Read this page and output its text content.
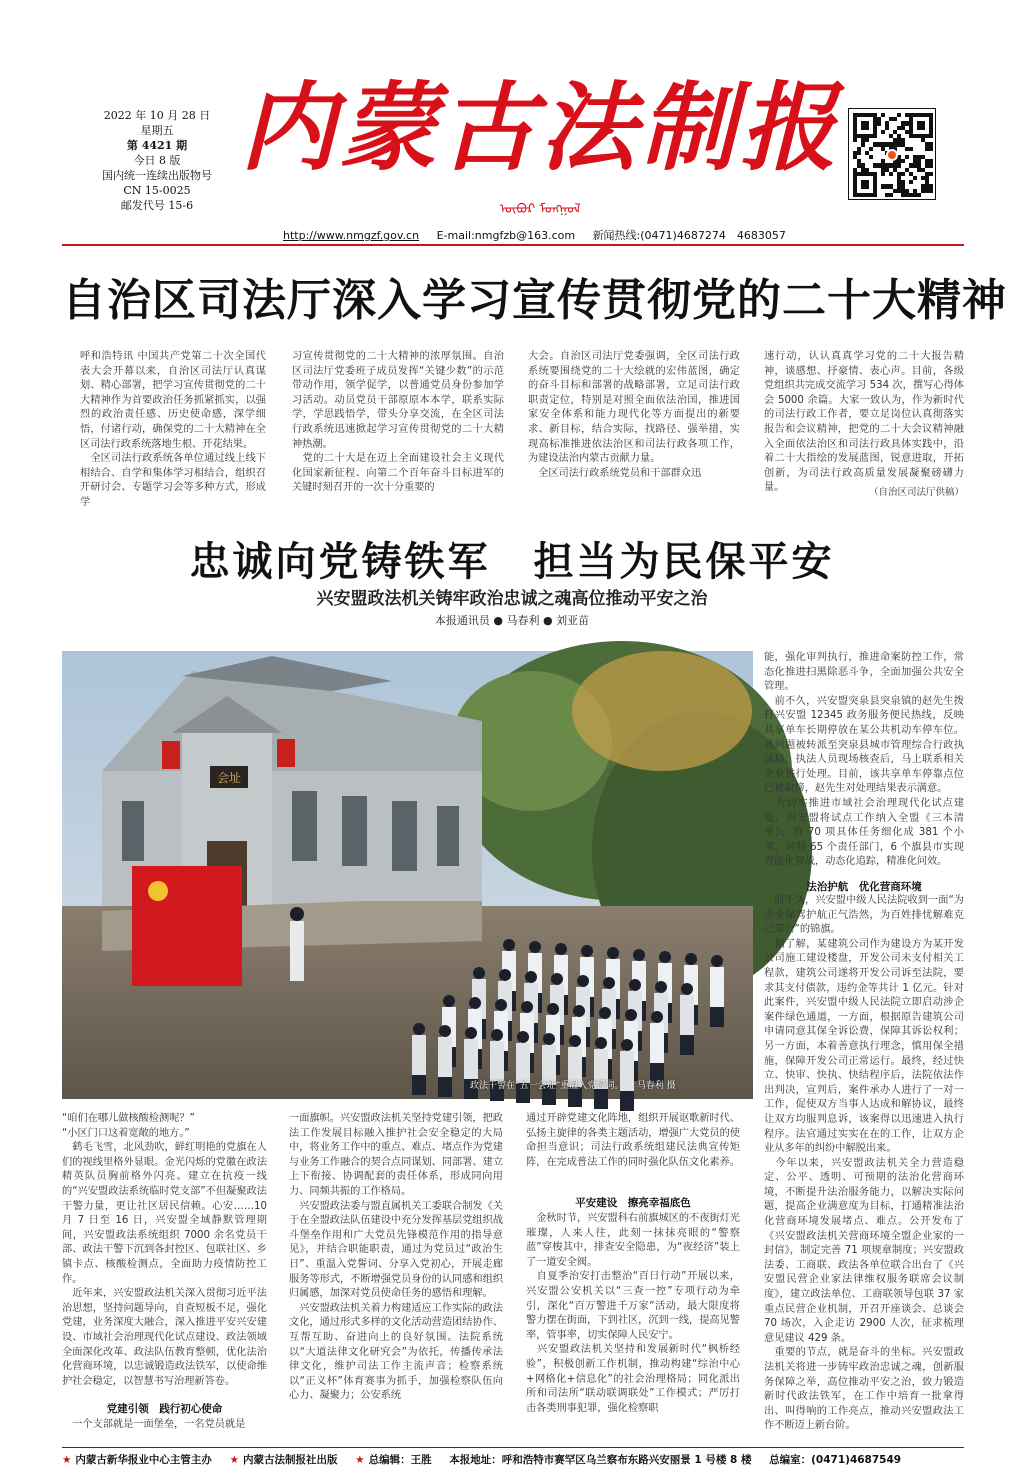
2022 年 10 月 28 日
星期五
第 4421 期
今日 8 版
国内统一连续出版物号
CN 15-0025
邮发代号 15-6
内蒙古法制报
ᠦᠪᠦᠷ ᠮᠣᠩᠭᠣᠯ
http://www.nmgzf.gov.cn E-mail:nmgfzb@163.com 新闻热线:(0471)4687274　4683057
自治区司法厅深入学习宣传贯彻党的二十大精神
呼和浩特讯 中国共产党第二十次全国代表大会开幕以来，自治区司法厅认真谋划、精心部署，把学习宣传贯彻党的二十大精神作为首要政治任务抓紧抓实，以强烈的政治责任感、历史使命感，深学细悟，付诸行动，确保党的二十大精神在全区司法行政系统落地生根、开花结果。
　全区司法行政系统各单位通过线上线下相结合、自学和集体学习相结合，组织召开研讨会、专题学习会等多种方式，形成学
习宣传贯彻党的二十大精神的浓厚氛围。自治区司法厅党委班子成员发挥“关键少数”的示范带动作用，领学促学，以普通党员身份参加学习活动。动员党员干部原原本本学，联系实际学，学思践悟学，带头分享交流，在全区司法行政系统迅速掀起学习宣传贯彻党的二十大精神热潮。
　党的二十大是在迈上全面建设社会主义现代化国家新征程、向第二个百年奋斗目标进军的关键时刻召开的一次十分重要的
大会。自治区司法厅党委强调，全区司法行政系统要围绕党的二十大绘就的宏伟蓝图，确定的奋斗目标和部署的战略部署，立足司法行政职责定位，特别是对照全面依法治国，推进国家安全体系和能力现代化等方面提出的新要求、新目标，结合实际，找路径、强举措，实现高标准推进依法治区和司法行政各项工作，为建设法治内蒙古贡献力量。
　全区司法行政系统党员和干部群众迅
速行动，认认真真学习党的二十大报告精神，谈感想、抒豪情、表心声。目前，各级党组织共完成交流学习 534 次，撰写心得体会 5000 余篇。大家一致认为，作为新时代的司法行政工作者，要立足岗位认真彻落实报告和会议精神，把党的二十大会议精神融入全面依法治区和司法行政具体实践中，沿着二十大指绘的发展蓝图，锐意进取，开拓创新，为司法行政高质量发展凝聚磅礴力量。	（自治区司法厅供稿）
忠诚向党铸铁军　担当为民保平安
兴安盟政法机关铸牢政治忠诚之魂高位推动平安之治
本报通讯员 ● 马春利 ● 刘亚苗
会址
政法干警在“五一会址”重温入党誓词。　　马春利 摄
能，强化审判执行，推进命案防控工作，常态化推进扫黑除恶斗争，全面加强公共安全管理。
　前不久，兴安盟突泉县突泉镇的赵先生拨打兴安盟 12345 政务服务便民热线，反映共享单车长期停放在某公共机动车停车位。该问题被转派至突泉县城市管理综合行政执法局，执法人员现场核查后，马上联系相关企业进行处理。目前，该共享单车停靠点位已被取缔，赵先生对处理结果表示满意。
　为切实推进市域社会治理现代化试点建设，兴安盟将试点工作纳入全盟《三本清单》，将 70 项具体任务细化成 381 个小项，对照 65 个责任部门，6 个旗县市实现智能化督战，动态化追踪，精准化问效。
法治护航　优化营商环境
　前不久，兴安盟中级人民法院收到一面“为企业保驾护航正气浩然，为百姓排忧解难克己奉公”的锦旗。
　据了解，某建筑公司作为建设方为某开发公司施工建设楼盘，开发公司未支付相关工程款，建筑公司遂将开发公司诉至法院，要求其支付债款，违约金等共计 1 亿元。针对此案件，兴安盟中级人民法院立即启动涉企案件绿色通道，一方面，根据原告建筑公司申请同意其保全诉讼费，保障其诉讼权利；另一方面，本着善意执行理念，慎用保全措施，保障开发公司正常运行。最终，经过快立、快审、快执、快结程序后，法院依法作出判决，宣判后，案件承办人进行了一对一工作，促使双方当事人达成和解协议，最终让双方均服判息诉，该案得以迅速进入执行程序。法官通过实实在在的工作，让双方企业从多年的纠纷中解脱出来。
　今年以来，兴安盟政法机关全力营造稳定、公平、透明、可预期的法治化营商环境，不断提升法治服务能力，以解决实际问题，提高企业满意度为目标，打通精准法治化营商环境发展堵点、难点。公开发布了《兴安盟政法机关营商环境全盟企业家的一封信》，制定完善 71 项规章制度；兴安盟政法委、工商联、政法各单位联合出台了《兴安盟民营企业家法律维权服务联席会议制度》，建立政法单位、工商联领导包联 37 家重点民营企业机制，开召开座谈会、总谈会 70 场次，入企走访 2900 人次，征求梳理意见建议 429 条。
　重要的节点，就是奋斗的坐标。兴安盟政法机关将进一步铸牢政治忠诚之魂，创新服务保障之举，高位推动平安之治，致力锻造新时代政法铁军，在工作中培育一批拿得出、叫得响的工作亮点，推动兴安盟政法工作不断迈上新台阶。
“咱们在哪儿做核酸检测呢？”
“小区门口这着宽敞的地方。”
　鹤毛飞雪，北风劲吹，鲜红明艳的党旗在人们的视线里格外显眼。金光闪烁的党徽在政法精英队员胸前格外闪亮。建立在抗疫一线的“兴安盟政法系统临时党支部”不但凝聚政法干警力量，更让社区居民信赖。心安……10 月 7 日至 16 日，兴安盟全域静默管理期间，兴安盟政法系统组织 7000 余名党员干部、政法干警下沉到各封控区、包联社区、乡镇卡点、核酸检测点，全面助力疫情防控工作。
　近年来，兴安盟政法机关深入贯彻习近平法治思想，坚持问题导向，自查短板不足，强化党建，业务深度大融合，深入推进平安兴安建设、市域社会治理现代化试点建设、政法领域全面深化改革、政法队伍教育整顿，优化法治化营商环境，以忠诚锻造政法铁军，以使命维护社会稳定，以智慧书写治理新答卷。
党建引领　践行初心使命
　一个支部就是一面堡垒，一名党员就是
一面旗帜。兴安盟政法机关坚持党建引领，把政法工作发展目标融入推护社会安全稳定的大局中，将业务工作中的重点、难点、堵点作为党建与业务工作融合的契合点同谋划、同部署、建立上下衔接、协调配套的责任体系，形成同向用力、同频共振的工作格局。
　兴安盟政法委与盟直属机关工委联合制发《关于在全盟政法队伍建设中充分发挥基层党组织战斗堡垒作用和广大党员先锋模范作用的指导意见》，并结合职能职责，通过为党员过“政治生日”、重温入党誓词、分享入党初心，开展走廊服务等形式，不断增强党员身份的认同感和组织归属感，加深对党员使命任务的感悟和理解。
　兴安盟政法机关着力构建适应工作实际的政法文化，通过形式多样的文化活动营造团结协作、互帮互助、奋进向上的良好氛围。法院系统以“大道法律文化研究会”为依托，传播传承法律文化，维护司法工作主流声音；检察系统以“正义杯”体育赛事为抓手，加强检察队伍向心力、凝聚力；公安系统
通过开辟党建文化阵地，组织开展讴歌新时代、弘扬主旋律的各类主题活动，增强广大党员的使命担当意识；司法行政系统组建民法典宣传矩阵，在完成普法工作的同时强化队伍文化素养。
平安建设　擦亮幸福底色
　金秋时节，兴安盟科右前旗城区的不夜街灯光璀璨，人来人往，此刻一抹抹亮眼的“警察蓝”穿梭其中，排查安全隐患，为“夜经济”装上了一道安全阀。
　自夏季治安打击整治“百日行动”开展以来，兴安盟公安机关以“三查一控”专项行动为牵引，深化“百万警进千万家”活动，最大限度将警力摆在街面，下到社区，沉到一线，提高见警率，管事率，切实保障人民安宁。
　兴安盟政法机关坚持和发展新时代“枫桥经验”，积极创新工作机制，推动构建“综治中心+网格化+信息化”的社会治理格局；同化派出所和司法所“联动联调联处”工作模式；严厉打击各类刑事犯罪，强化检察职
★ 内蒙古新华报业中心主管主办 ★ 内蒙古法制报社出版 ★ 总编辑：王胜 本报地址：呼和浩特市赛罕区乌兰察布东路兴安丽景 1 号楼 8 楼 总编室：(0471)4687549
